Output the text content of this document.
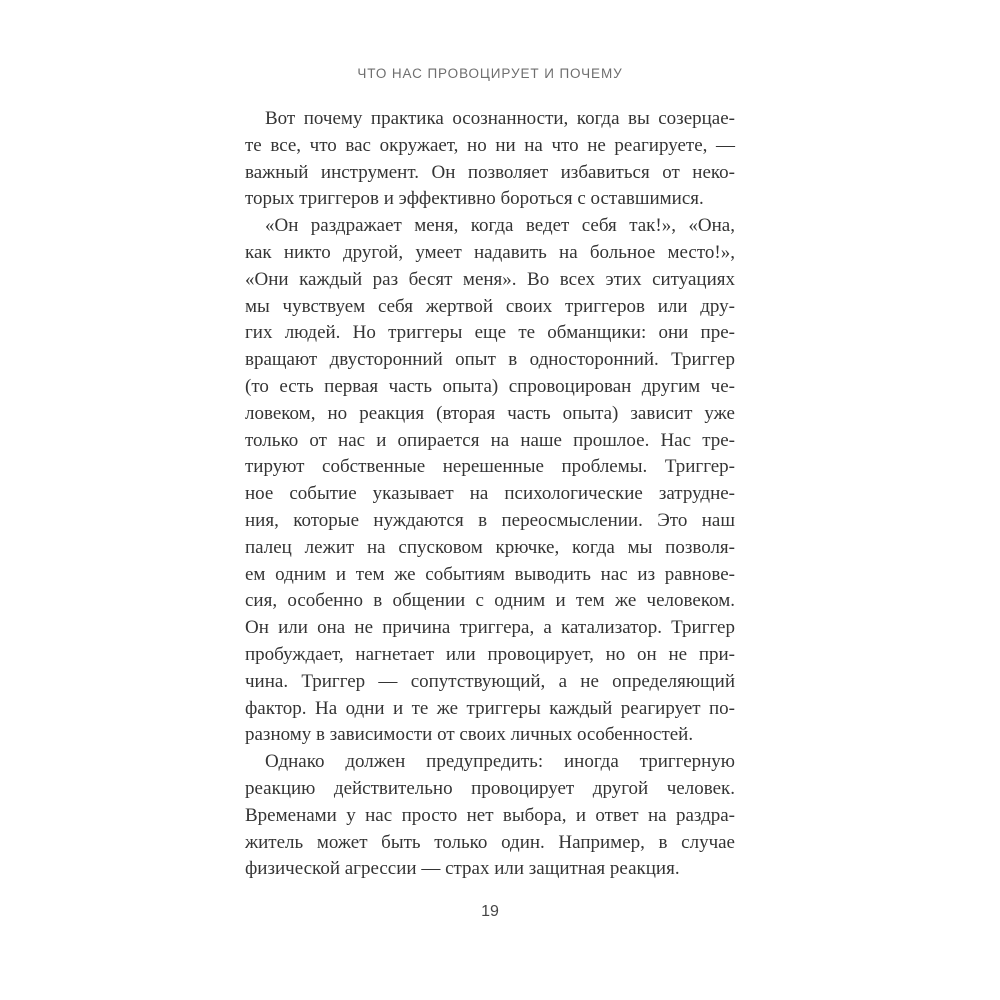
ЧТО НАС ПРОВОЦИРУЕТ И ПОЧЕМУ
Вот почему практика осознанности, когда вы созерцае-
те все, что вас окружает, но ни на что не реагируете, —
важный инструмент. Он позволяет избавиться от неко-
торых триггеров и эффективно бороться с оставшимися.
«Он раздражает меня, когда ведет себя так!», «Она,
как никто другой, умеет надавить на больное место!»,
«Они каждый раз бесят меня». Во всех этих ситуациях
мы чувствуем себя жертвой своих триггеров или дру-
гих людей. Но триггеры еще те обманщики: они пре-
вращают двусторонний опыт в односторонний. Триггер
(то есть первая часть опыта) спровоцирован другим че-
ловеком, но реакция (вторая часть опыта) зависит уже
только от нас и опирается на наше прошлое. Нас тре-
тируют собственные нерешенные проблемы. Триггер-
ное событие указывает на психологические затрудне-
ния, которые нуждаются в переосмыслении. Это наш
палец лежит на спусковом крючке, когда мы позволя-
ем одним и тем же событиям выводить нас из равнове-
сия, особенно в общении с одним и тем же человеком.
Он или она не причина триггера, а катализатор. Триггер
пробуждает, нагнетает или провоцирует, но он не при-
чина. Триггер — сопутствующий, а не определяющий
фактор. На одни и те же триггеры каждый реагирует по-
разному в зависимости от своих личных особенностей.
Однако должен предупредить: иногда триггерную
реакцию действительно провоцирует другой человек.
Временами у нас просто нет выбора, и ответ на раздра-
житель может быть только один. Например, в случае
физической агрессии — страх или защитная реакция.
19
